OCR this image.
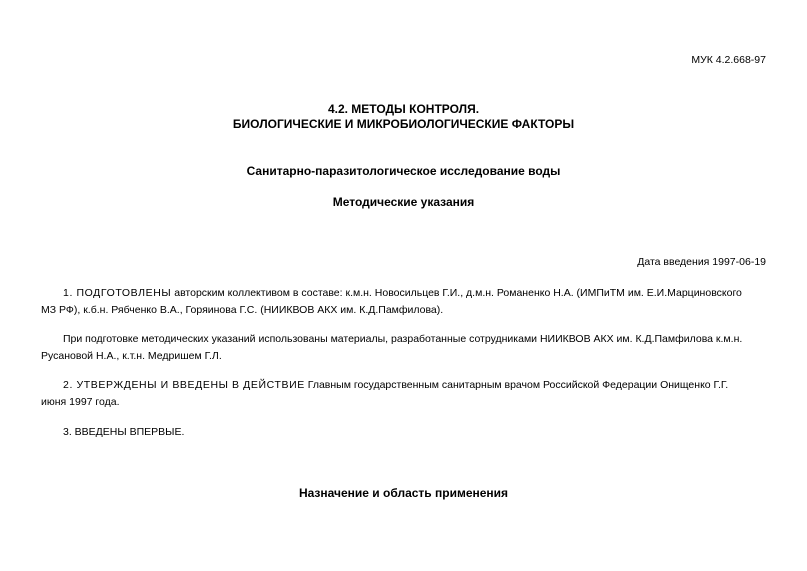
МУК 4.2.668-97
4.2. МЕТОДЫ КОНТРОЛЯ.
БИОЛОГИЧЕСКИЕ И МИКРОБИОЛОГИЧЕСКИЕ ФАКТОРЫ
Санитарно-паразитологическое исследование воды
Методические указания
Дата введения 1997-06-19
1. ПОДГОТОВЛЕНЫ авторским коллективом в составе: к.м.н. Новосильцев Г.И., д.м.н. Романенко Н.А. (ИМПиТМ им. Е.И.Марциновского
МЗ РФ), к.б.н. Рябченко В.А., Горяинова Г.С. (НИИКВОВ АКХ им. К.Д.Памфилова).
При подготовке методических указаний использованы материалы, разработанные сотрудниками НИИКВОВ АКХ им. К.Д.Памфилова к.м.н.
Русановой Н.А., к.т.н. Медришем Г.Л.
2. УТВЕРЖДЕНЫ И ВВЕДЕНЫ В ДЕЙСТВИЕ Главным государственным санитарным врачом Российской Федерации Онищенко Г.Г.
июня 1997 года.
3. ВВЕДЕНЫ ВПЕРВЫЕ.
Назначение и область применения
